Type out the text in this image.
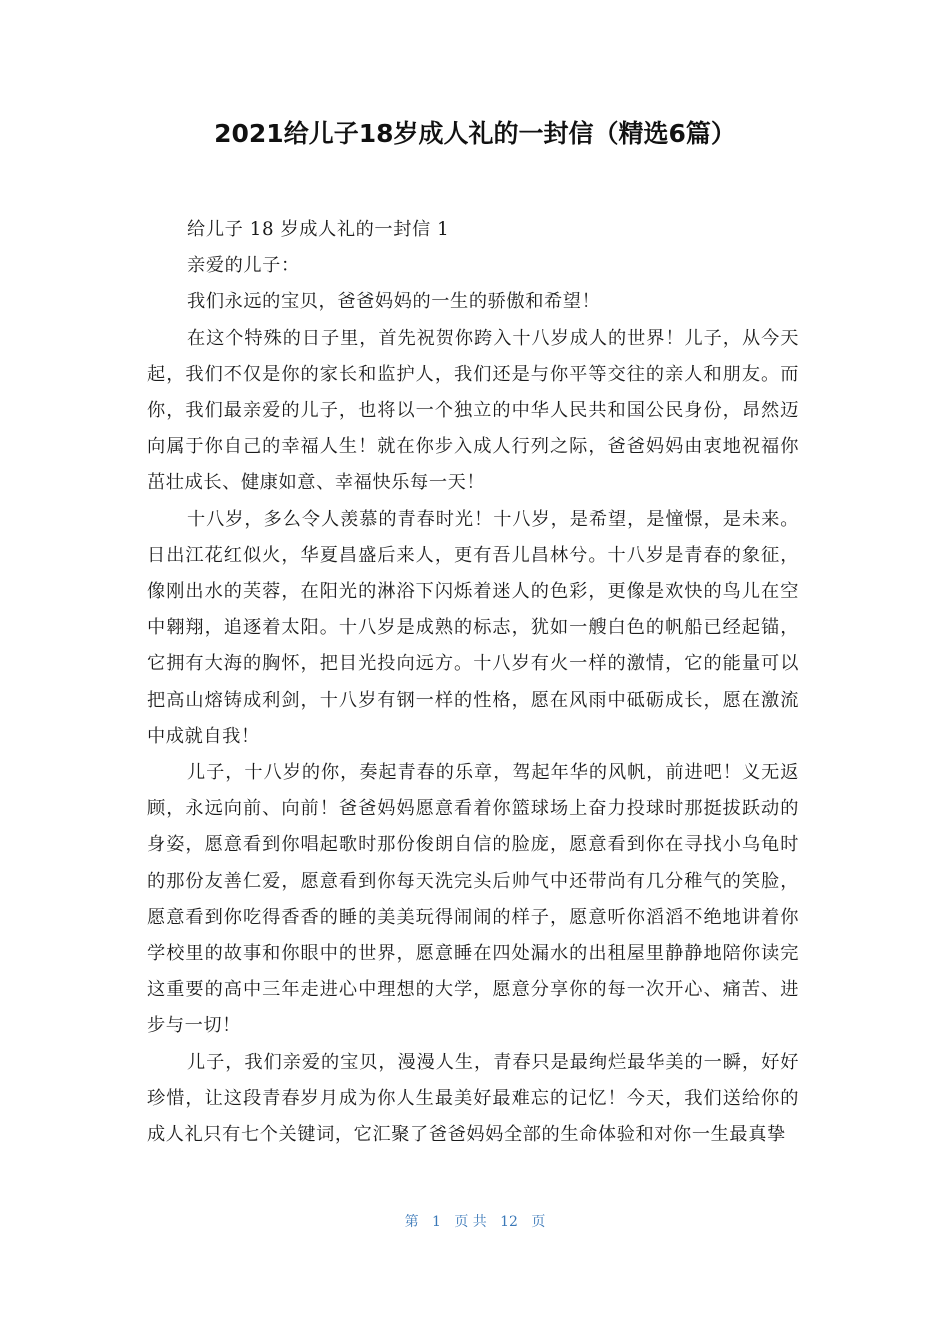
2021给儿子18岁成人礼的一封信（精选6篇）

给儿子 18 岁成人礼的一封信 1

亲爱的儿子：

我们永远的宝贝，爸爸妈妈的一生的骄傲和希望！

在这个特殊的日子里，首先祝贺你跨入十八岁成人的世界！儿子，从今天起，我们不仅是你的家长和监护人，我们还是与你平等交往的亲人和朋友。而你，我们最亲爱的儿子，也将以一个独立的中华人民共和国公民身份，昂然迈向属于你自己的幸福人生！就在你步入成人行列之际，爸爸妈妈由衷地祝福你茁壮成长、健康如意、幸福快乐每一天！

十八岁，多么令人羡慕的青春时光！十八岁，是希望，是憧憬，是未来。日出江花红似火，华夏昌盛后来人，更有吾儿昌林兮。十八岁是青春的象征，像刚出水的芙蓉，在阳光的淋浴下闪烁着迷人的色彩，更像是欢快的鸟儿在空中翱翔，追逐着太阳。十八岁是成熟的标志，犹如一艘白色的帆船已经起锚，它拥有大海的胸怀，把目光投向远方。十八岁有火一样的激情，它的能量可以把高山熔铸成利剑，十八岁有钢一样的性格，愿在风雨中砥砺成长，愿在激流中成就自我！

儿子，十八岁的你，奏起青春的乐章，驾起年华的风帆，前进吧！义无返顾，永远向前、向前！爸爸妈妈愿意看着你篮球场上奋力投球时那挺拔跃动的身姿，愿意看到你唱起歌时那份俊朗自信的脸庞，愿意看到你在寻找小乌龟时的那份友善仁爱，愿意看到你每天洗完头后帅气中还带尚有几分稚气的笑脸，愿意看到你吃得香香的睡的美美玩得闹闹的样子，愿意听你滔滔不绝地讲着你学校里的故事和你眼中的世界，愿意睡在四处漏水的出租屋里静静地陪你读完这重要的高中三年走进心中理想的大学，愿意分享你的每一次开心、痛苦、进步与一切！

儿子，我们亲爱的宝贝，漫漫人生，青春只是最绚烂最华美的一瞬，好好珍惜，让这段青春岁月成为你人生最美好最难忘的记忆！今天，我们送给你的成人礼只有七个关键词，它汇聚了爸爸妈妈全部的生命体验和对你一生最真挚

第 1 页 共 12 页
